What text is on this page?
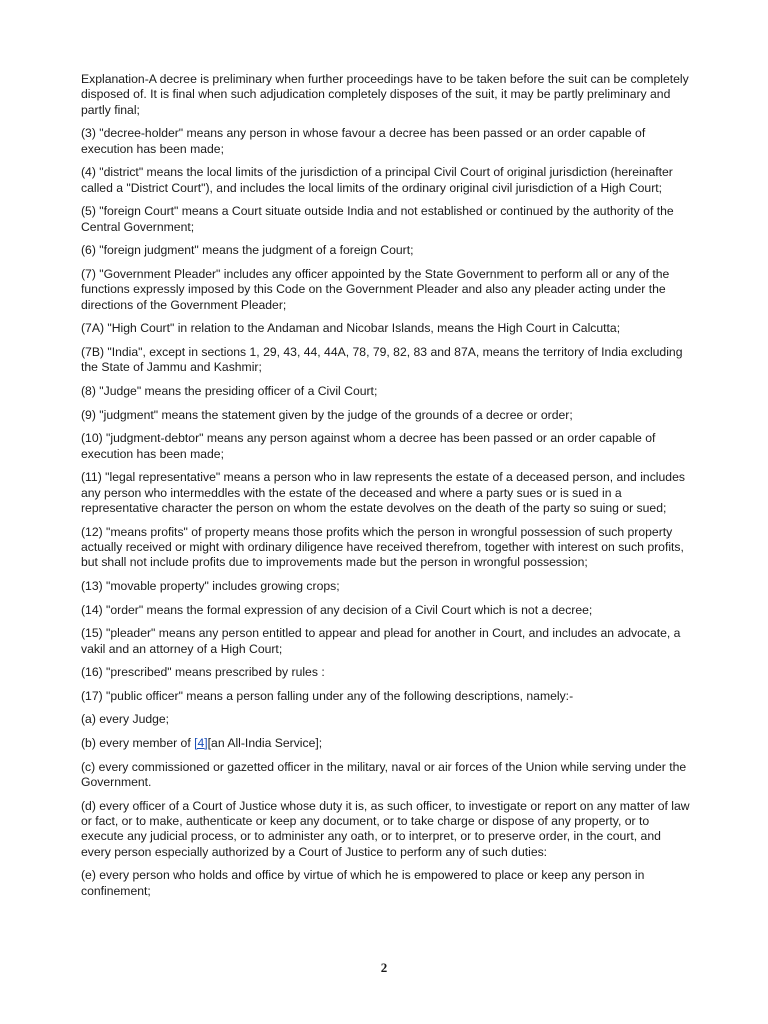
Explanation-A decree is preliminary when further proceedings have to be taken before the suit can be completely disposed of. It is final when such adjudication completely disposes of the suit, it may be partly preliminary and partly final;

(3) "decree-holder" means any person in whose favour a decree has been passed or an order capable of execution has been made;

(4) "district" means the local limits of the jurisdiction of a principal Civil Court of original jurisdiction (hereinafter called a "District Court"), and includes the local limits of the ordinary original civil jurisdiction of a High Court;

(5) "foreign Court" means a Court situate outside India and not established or continued by the authority of the Central Government;

(6) "foreign judgment" means the judgment of a foreign Court;

(7) "Government Pleader" includes any officer appointed by the State Government to perform all or any of the functions expressly imposed by this Code on the Government Pleader and also any pleader acting under the directions of the Government Pleader;

(7A) "High Court" in relation to the Andaman and Nicobar Islands, means the High Court in Calcutta;

(7B) "India", except in sections 1, 29, 43, 44, 44A, 78, 79, 82, 83 and 87A, means the territory of India excluding the State of Jammu and Kashmir;

(8) "Judge" means the presiding officer of a Civil Court;

(9) "judgment" means the statement given by the judge of the grounds of a decree or order;

(10) "judgment-debtor" means any person against whom a decree has been passed or an order capable of execution has been made;

(11) "legal representative" means a person who in law represents the estate of a deceased person, and includes any person who intermeddles with the estate of the deceased and where a party sues or is sued in a representative character the person on whom the estate devolves on the death of the party so suing or sued;

(12) "means profits" of property means those profits which the person in wrongful possession of such property actually received or might with ordinary diligence have received therefrom, together with interest on such profits, but shall not include profits due to improvements made but the person in wrongful possession;

(13) "movable property" includes growing crops;

(14) "order" means the formal expression of any decision of a Civil Court which is not a decree;

(15) "pleader" means any person entitled to appear and plead for another in Court, and includes an advocate, a vakil and an attorney of a High Court;

(16) "prescribed" means prescribed by rules :

(17) "public officer" means a person falling under any of the following descriptions, namely:-

(a) every Judge;

(b) every member of [4][an All-India Service];

(c) every commissioned or gazetted officer in the military, naval or air forces of the Union while serving under the Government.

(d) every officer of a Court of Justice whose duty it is, as such officer, to investigate or report on any matter of law or fact, or to make, authenticate or keep any document, or to take charge or dispose of any property, or to execute any judicial process, or to administer any oath, or to interpret, or to preserve order, in the court, and every person especially authorized by a Court of Justice to perform any of such duties:

(e) every person who holds and office by virtue of which he is empowered to place or keep any person in confinement;

2
